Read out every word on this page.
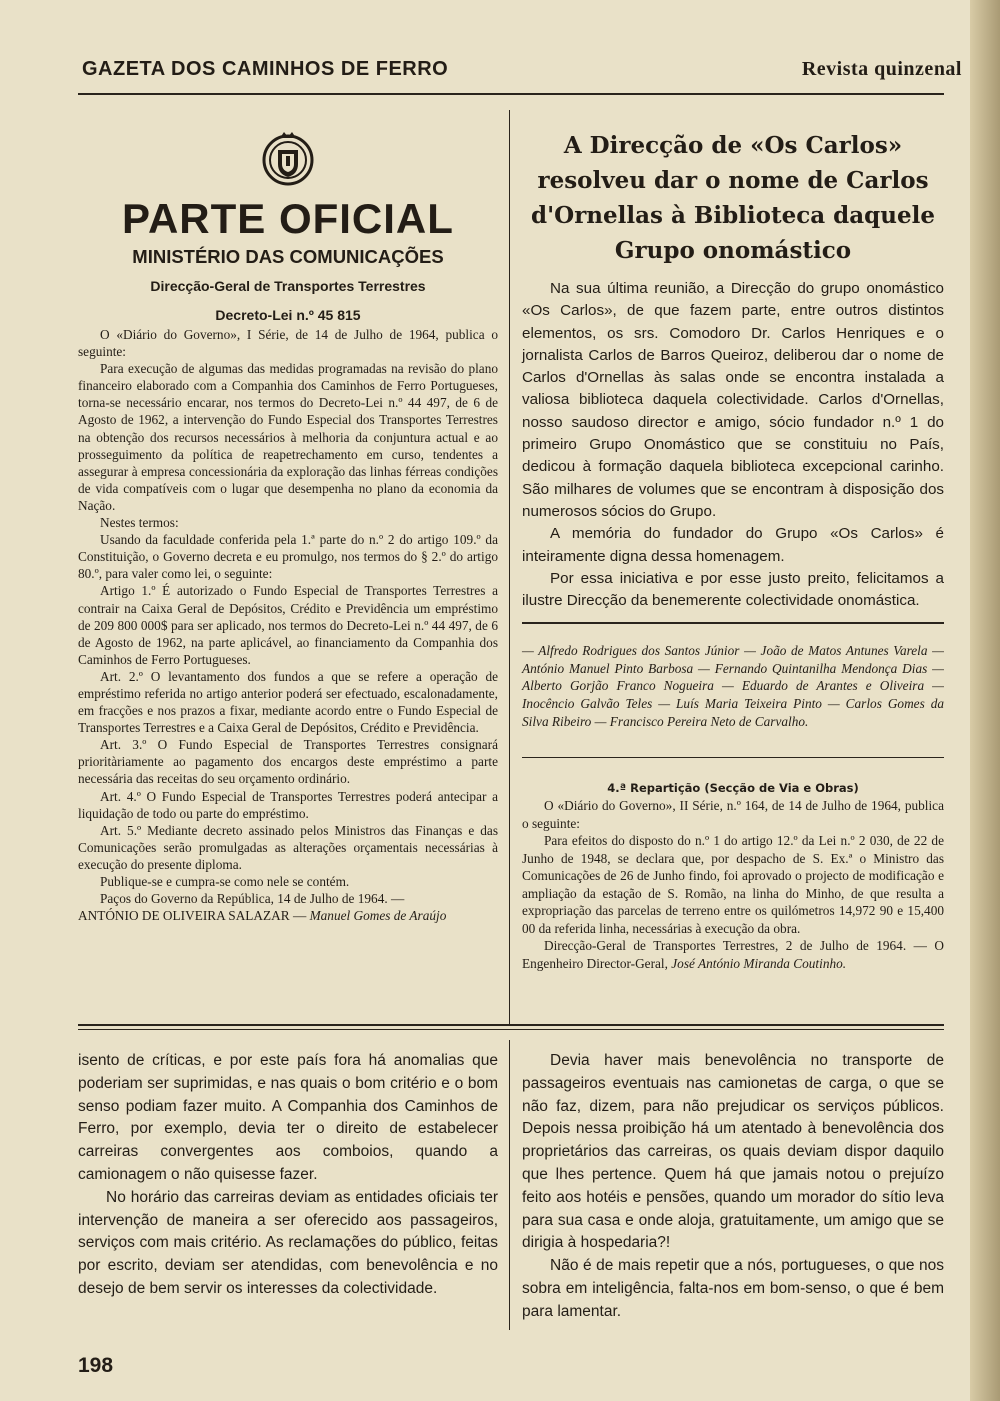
GAZETA DOS CAMINHOS DE FERRO	Revista quinzenal
PARTE OFICIAL
MINISTÉRIO DAS COMUNICAÇÕES
Direcção-Geral de Transportes Terrestres
Decreto-Lei n.º 45 815

O «Diário do Governo», I Série, de 14 de Julho de 1964, publica o seguinte:

Para execução de algumas das medidas programadas na revisão do plano financeiro elaborado com a Companhia dos Caminhos de Ferro Portugueses, torna-se necessário encarar, nos termos do Decreto-Lei n.º 44 497, de 6 de Agosto de 1962, a intervenção do Fundo Especial dos Transportes Terrestres na obtenção dos recursos necessários à melhoria da conjuntura actual e ao prosseguimento da política de reapetrechamento em curso, tendentes a assegurar à empresa concessionária da exploração das linhas férreas condições de vida compatíveis com o lugar que desempenha no plano da economia da Nação.

Nestes termos:

Usando da faculdade conferida pela 1.ª parte do n.º 2 do artigo 109.º da Constituição, o Governo decreta e eu promulgo, nos termos do § 2.º do artigo 80.º, para valer como lei, o seguinte:

Artigo 1.º É autorizado o Fundo Especial de Transportes Terrestres a contrair na Caixa Geral de Depósitos, Crédito e Previdência um empréstimo de 209 800 000$ para ser aplicado, nos termos do Decreto-Lei n.º 44 497, de 6 de Agosto de 1962, na parte aplicável, ao financiamento da Companhia dos Caminhos de Ferro Portugueses.

Art. 2.º O levantamento dos fundos a que se refere a operação de empréstimo referida no artigo anterior poderá ser efectuado, escalonadamente, em fracções e nos prazos a fixar, mediante acordo entre o Fundo Especial de Transportes Terrestres e a Caixa Geral de Depósitos, Crédito e Previdência.

Art. 3.º O Fundo Especial de Transportes Terrestres consignará prioritàriamente ao pagamento dos encargos deste empréstimo a parte necessária das receitas do seu orçamento ordinário.

Art. 4.º O Fundo Especial de Transportes Terrestres poderá antecipar a liquidação de todo ou parte do empréstimo.

Art. 5.º Mediante decreto assinado pelos Ministros das Finanças e das Comunicações serão promulgadas as alterações orçamentais necessárias à execução do presente diploma.

Publique-se e cumpra-se como nele se contém.

Paços do Governo da República, 14 de Julho de 1964. —

ANTÓNIO DE OLIVEIRA SALAZAR — Manuel Gomes de Araújo

A Direcção de «Os Carlos» resolveu dar o nome de Carlos d'Ornellas à Biblioteca daquele Grupo onomástico

Na sua última reunião, a Direcção do grupo onomástico «Os Carlos», de que fazem parte, entre outros distintos elementos, os srs. Comodoro Dr. Carlos Henriques e o jornalista Carlos de Barros Queiroz, deliberou dar o nome de Carlos d'Ornellas às salas onde se encontra instalada a valiosa biblioteca daquela colectividade. Carlos d'Ornellas, nosso saudoso director e amigo, sócio fundador n.º 1 do primeiro Grupo Onomástico que se constituiu no País, dedicou à formação daquela biblioteca excepcional carinho. São milhares de volumes que se encontram à disposição dos numerosos sócios do Grupo.

A memória do fundador do Grupo «Os Carlos» é inteiramente digna dessa homenagem.

Por essa iniciativa e por esse justo preito, felicitamos a ilustre Direcção da benemerente colectividade onomástica.

— Alfredo Rodrigues dos Santos Júnior — João de Matos Antunes Varela — António Manuel Pinto Barbosa — Fernando Quintanilha Mendonça Dias — Alberto Gorjão Franco Nogueira — Eduardo de Arantes e Oliveira — Inocêncio Galvão Teles — Luís Maria Teixeira Pinto — Carlos Gomes da Silva Ribeiro — Francisco Pereira Neto de Carvalho.

4.ª Repartição (Secção de Via e Obras)

O «Diário do Governo», II Série, n.º 164, de 14 de Julho de 1964, publica o seguinte:

Para efeitos do disposto do n.º 1 do artigo 12.º da Lei n.º 2 030, de 22 de Junho de 1948, se declara que, por despacho de S. Ex.ª o Ministro das Comunicações de 26 de Junho findo, foi aprovado o projecto de modificação e ampliação da estação de S. Romão, na linha do Minho, de que resulta a expropriação das parcelas de terreno entre os quilómetros 14,972 90 e 15,400 00 da referida linha, necessárias à execução da obra.

Direcção-Geral de Transportes Terrestres, 2 de Julho de 1964. — O Engenheiro Director-Geral, José António Miranda Coutinho.

isento de críticas, e por este país fora há anomalias que poderiam ser suprimidas, e nas quais o bom critério e o bom senso podiam fazer muito. A Companhia dos Caminhos de Ferro, por exemplo, devia ter o direito de estabelecer carreiras convergentes aos comboios, quando a camionagem o não quisesse fazer.

No horário das carreiras deviam as entidades oficiais ter intervenção de maneira a ser oferecido aos passageiros, serviços com mais critério. As reclamações do público, feitas por escrito, deviam ser atendidas, com benevolência e no desejo de bem servir os interesses da colectividade.

Devia haver mais benevolência no transporte de passageiros eventuais nas camionetas de carga, o que se não faz, dizem, para não prejudicar os serviços públicos. Depois nessa proibição há um atentado à benevolência dos proprietários das carreiras, os quais deviam dispor daquilo que lhes pertence. Quem há que jamais notou o prejuízo feito aos hotéis e pensões, quando um morador do sítio leva para sua casa e onde aloja, gratuitamente, um amigo que se dirigia à hospedaria?!

Não é de mais repetir que a nós, portugueses, o que nos sobra em inteligência, falta-nos em bom-senso, o que é bem para lamentar.

198
